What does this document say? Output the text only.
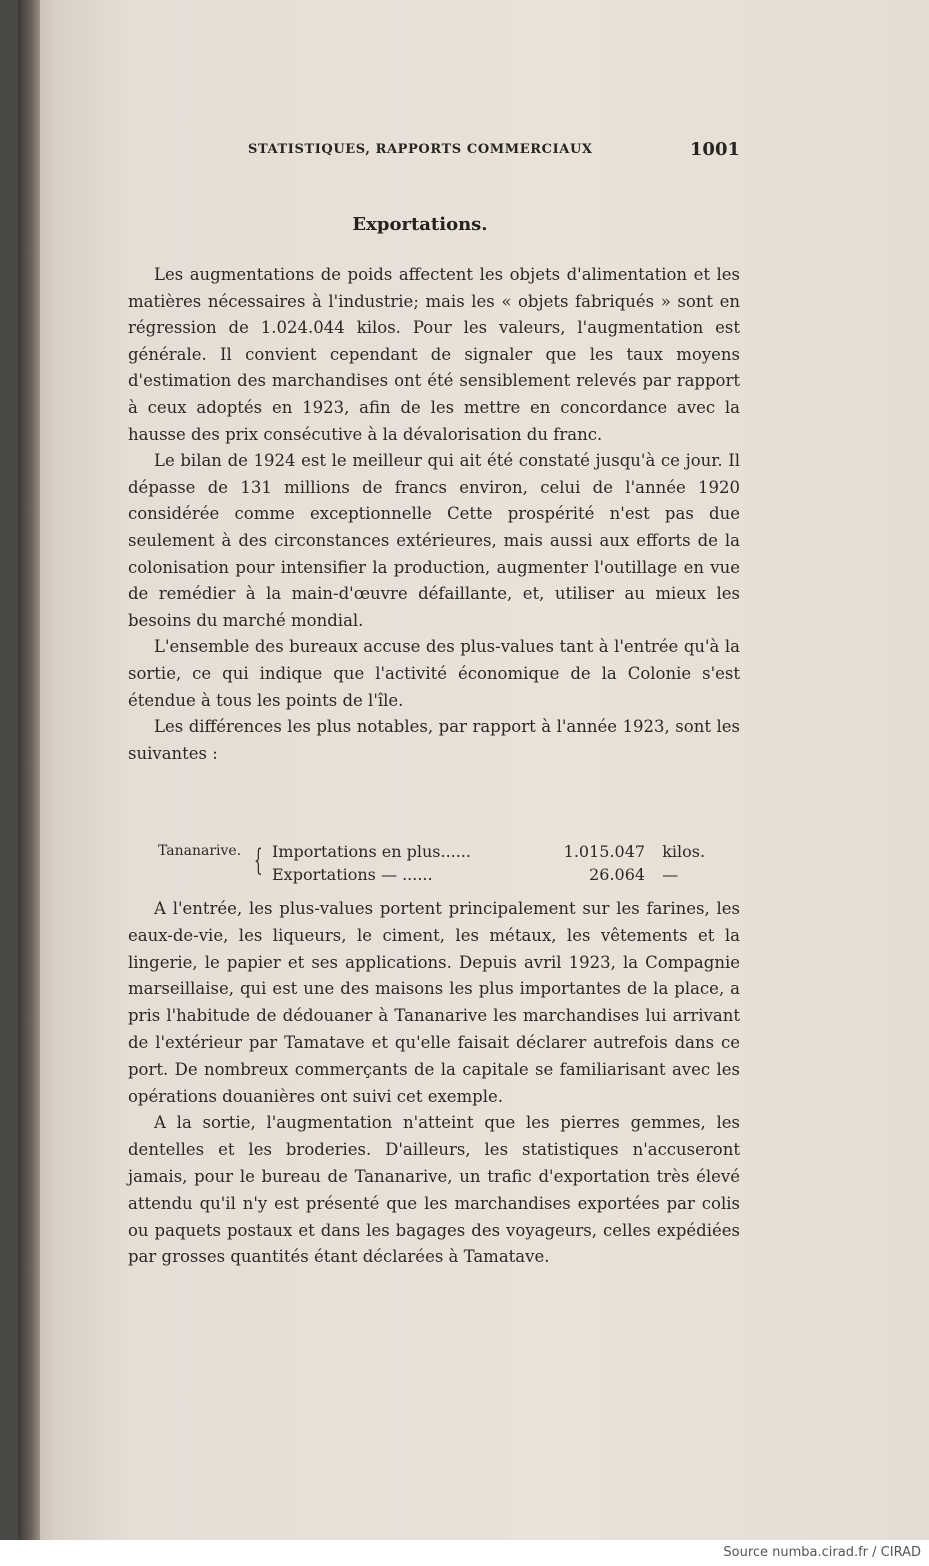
STATISTIQUES, RAPPORTS COMMERCIAUX	1001
Exportations.

Les augmentations de poids affectent les objets d'alimentation et les matières nécessaires à l'industrie; mais les « objets fabriqués » sont en régression de 1.024.044 kilos. Pour les valeurs, l'augmentation est générale. Il convient cependant de signaler que les taux moyens d'estimation des marchandises ont été sensiblement relevés par rapport à ceux adoptés en 1923, afin de les mettre en concordance avec la hausse des prix consécutive à la dévalorisation du franc.

Le bilan de 1924 est le meilleur qui ait été constaté jusqu'à ce jour. Il dépasse de 131 millions de francs environ, celui de l'année 1920 considérée comme exceptionnelle Cette prospérité n'est pas due seulement à des circonstances extérieures, mais aussi aux efforts de la colonisation pour intensifier la production, augmenter l'outillage en vue de remédier à la main-d'œuvre défaillante, et, utiliser au mieux les besoins du marché mondial.

L'ensemble des bureaux accuse des plus-values tant à l'entrée qu'à la sortie, ce qui indique que l'activité économique de la Colonie s'est étendue à tous les points de l'île.

Les différences les plus notables, par rapport à l'année 1923, sont les suivantes :

Tananarive. { Importations en plus......	1.015.047 kilos.
Exportations — ......	26.064 —

A l'entrée, les plus-values portent principalement sur les farines, les eaux-de-vie, les liqueurs, le ciment, les métaux, les vêtements et la lingerie, le papier et ses applications. Depuis avril 1923, la Compagnie marseillaise, qui est une des maisons les plus importantes de la place, a pris l'habitude de dédouaner à Tananarive les marchandises lui arrivant de l'extérieur par Tamatave et qu'elle faisait déclarer autrefois dans ce port. De nombreux commerçants de la capitale se familiarisant avec les opérations douanières ont suivi cet exemple.

A la sortie, l'augmentation n'atteint que les pierres gemmes, les dentelles et les broderies. D'ailleurs, les statistiques n'accuseront jamais, pour le bureau de Tananarive, un trafic d'exportation très élevé attendu qu'il n'y est présenté que les marchandises exportées par colis ou paquets postaux et dans les bagages des voyageurs, celles expédiées par grosses quantités étant déclarées à Tamatave.

Source numba.cirad.fr / CIRAD
